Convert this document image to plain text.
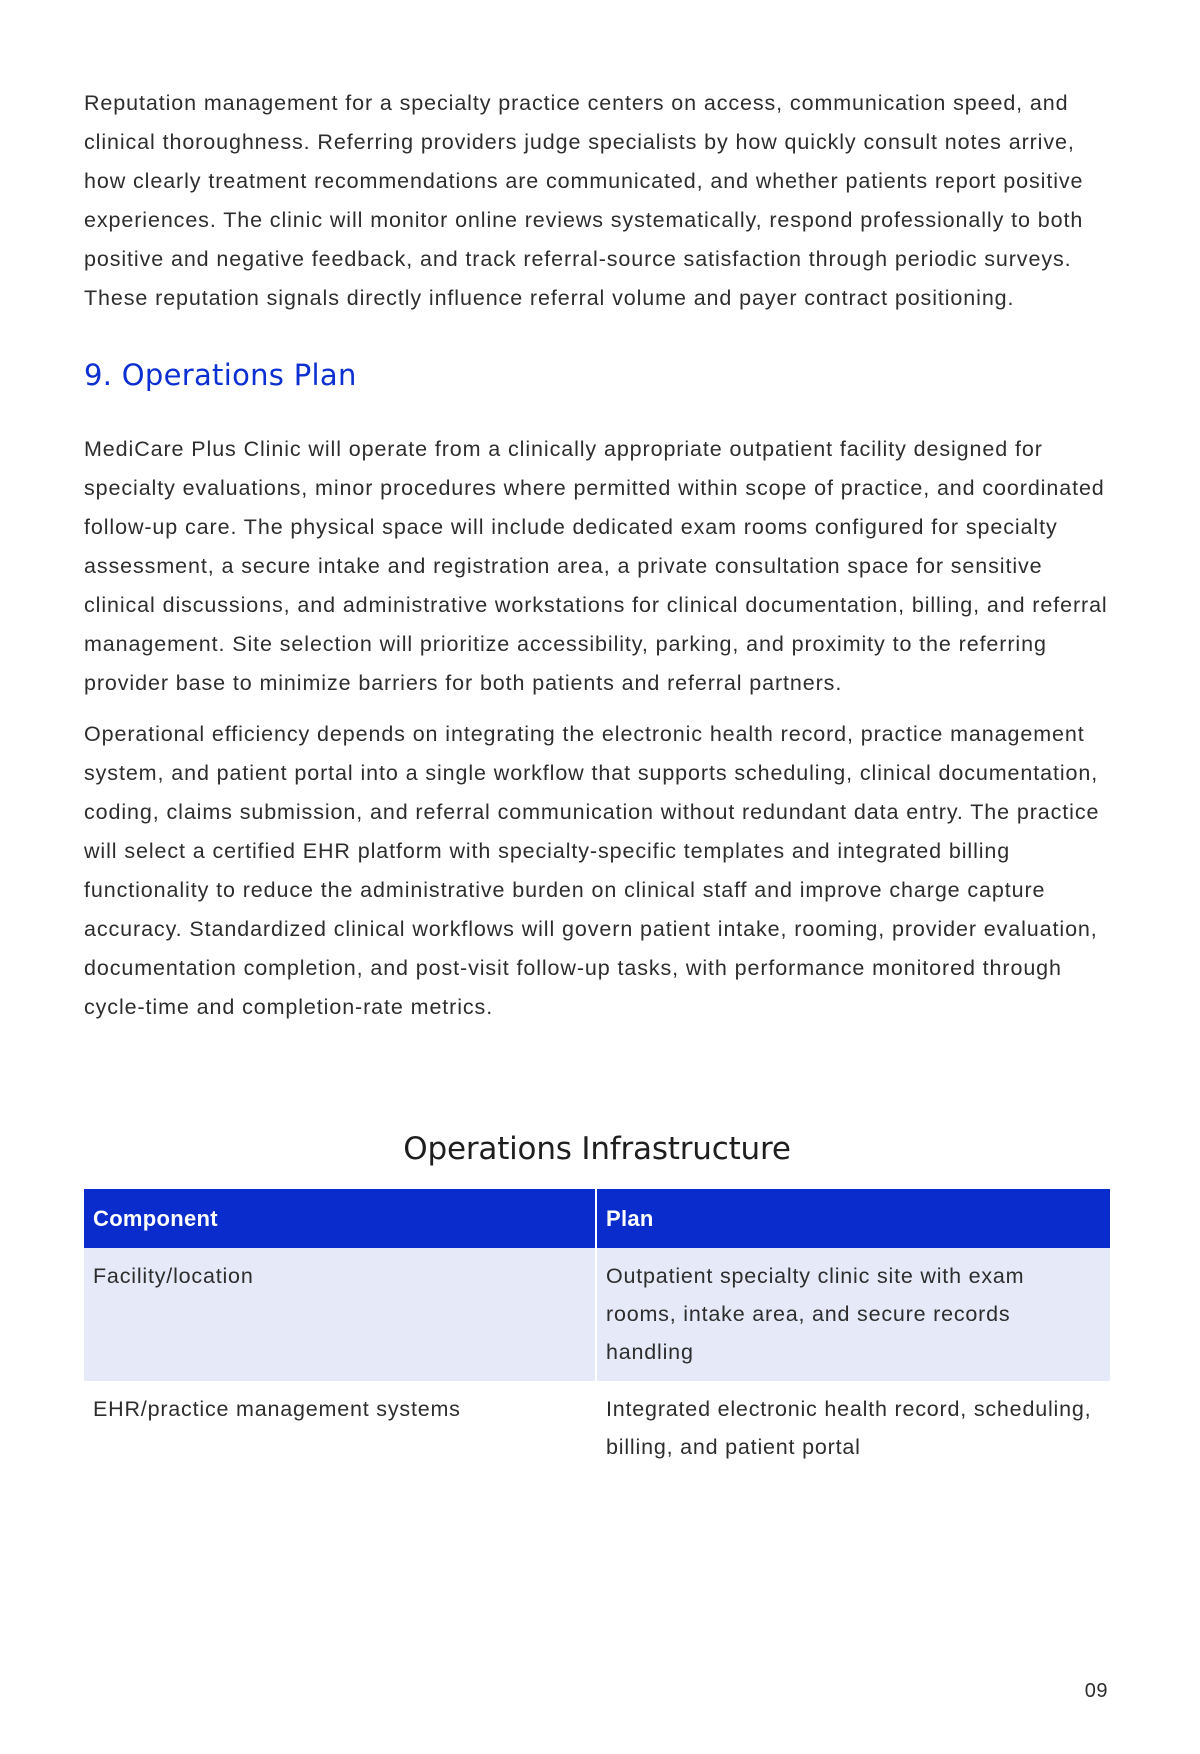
Reputation management for a specialty practice centers on access, communication speed, and clinical thoroughness. Referring providers judge specialists by how quickly consult notes arrive, how clearly treatment recommendations are communicated, and whether patients report positive experiences. The clinic will monitor online reviews systematically, respond professionally to both positive and negative feedback, and track referral-source satisfaction through periodic surveys. These reputation signals directly influence referral volume and payer contract positioning.

9. Operations Plan

MediCare Plus Clinic will operate from a clinically appropriate outpatient facility designed for specialty evaluations, minor procedures where permitted within scope of practice, and coordinated follow-up care. The physical space will include dedicated exam rooms configured for specialty assessment, a secure intake and registration area, a private consultation space for sensitive clinical discussions, and administrative workstations for clinical documentation, billing, and referral management. Site selection will prioritize accessibility, parking, and proximity to the referring provider base to minimize barriers for both patients and referral partners.

Operational efficiency depends on integrating the electronic health record, practice management system, and patient portal into a single workflow that supports scheduling, clinical documentation, coding, claims submission, and referral communication without redundant data entry. The practice will select a certified EHR platform with specialty-specific templates and integrated billing functionality to reduce the administrative burden on clinical staff and improve charge capture accuracy. Standardized clinical workflows will govern patient intake, rooming, provider evaluation, documentation completion, and post-visit follow-up tasks, with performance monitored through cycle-time and completion-rate metrics.

Operations Infrastructure
Component	Plan
Facility/location	Outpatient specialty clinic site with exam rooms, intake area, and secure records handling
EHR/practice management systems	Integrated electronic health record, scheduling, billing, and patient portal
09
